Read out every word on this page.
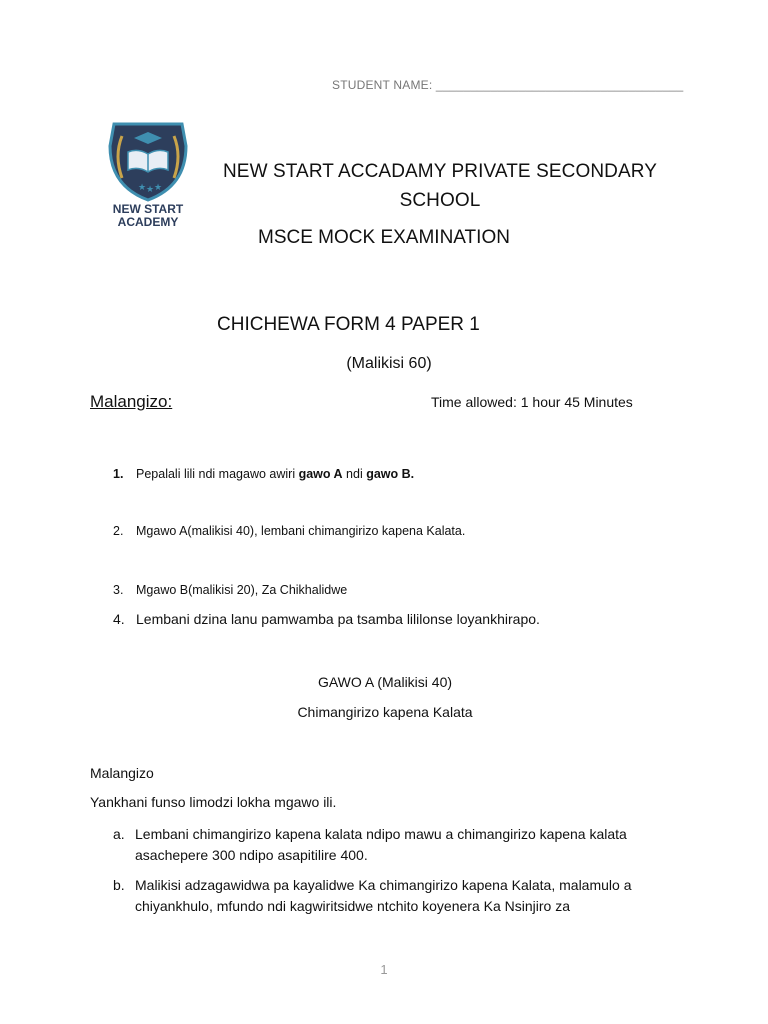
STUDENT NAME: ____________________________________
★ ★ ★
NEW START
ACADEMY
NEW START ACCADAMY PRIVATE SECONDARY SCHOOL
MSCE MOCK EXAMINATION
CHICHEWA FORM 4 PAPER 1
(Malikisi 60)
Malangizo:	Time allowed: 1 hour 45 Minutes
1.	Pepalali lili ndi magawo awiri gawo A ndi gawo B.
2.	Mgawo A(malikisi 40), lembani chimangirizo kapena Kalata.
3.	Mgawo B(malikisi 20), Za Chikhalidwe
4. Lembani dzina lanu pamwamba pa tsamba lililonse loyankhirapo.
GAWO A (Malikisi 40)
Chimangirizo kapena Kalata
Malangizo
Yankhani funso limodzi lokha mgawo ili.
a. Lembani chimangirizo kapena kalata ndipo mawu a chimangirizo kapena kalata asachepere 300 ndipo asapitilire 400.
b. Malikisi adzagawidwa pa kayalidwe Ka chimangirizo kapena Kalata, malamulo a chiyankhulo, mfundo ndi kagwiritsidwe ntchito koyenera Ka Nsinjiro za
1
